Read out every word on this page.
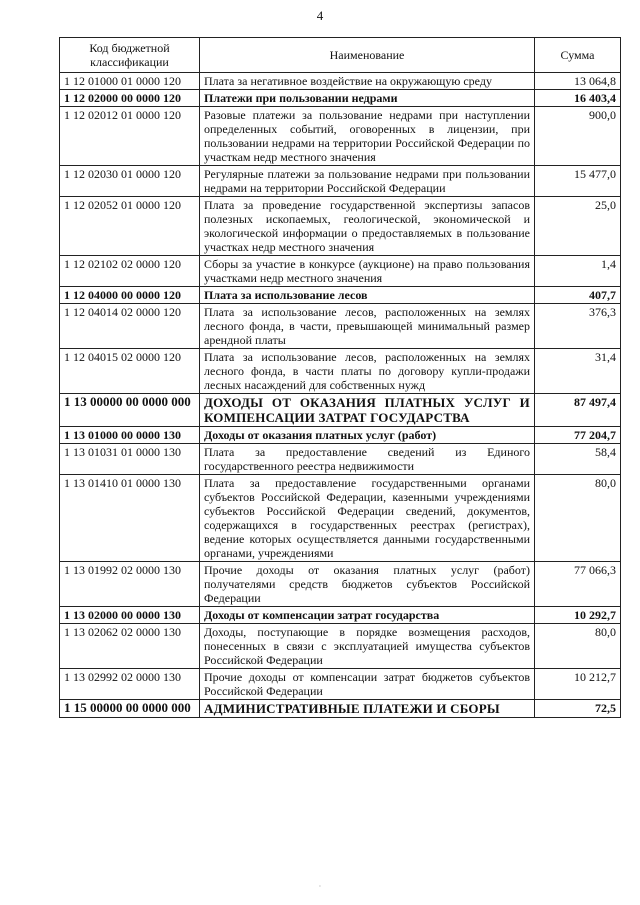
4
Код бюджетной классификации	Наименование	Сумма
1 12 01000 01 0000 120	Плата за негативное воздействие на окружающую среду	13 064,8
1 12 02000 00 0000 120	Платежи при пользовании недрами	16 403,4
1 12 02012 01 0000 120	Разовые платежи за пользование недрами при наступлении определенных событий, оговоренных в лицензии, при пользовании недрами на территории Российской Федерации по участкам недр местного значения	900,0
1 12 02030 01 0000 120	Регулярные платежи за пользование недрами при пользовании недрами на территории Российской Федерации	15 477,0
1 12 02052 01 0000 120	Плата за проведение государственной экспертизы запасов полезных ископаемых, геологической, экономической и экологической информации о предоставляемых в пользование участках недр местного значения	25,0
1 12 02102 02 0000 120	Сборы за участие в конкурсе (аукционе) на право пользования участками недр местного значения	1,4
1 12 04000 00 0000 120	Плата за использование лесов	407,7
1 12 04014 02 0000 120	Плата за использование лесов, расположенных на землях лесного фонда, в части, превышающей минимальный размер арендной платы	376,3
1 12 04015 02 0000 120	Плата за использование лесов, расположенных на землях лесного фонда, в части платы по договору купли-продажи лесных насаждений для собственных нужд	31,4
1 13 00000 00 0000 000	ДОХОДЫ ОТ ОКАЗАНИЯ ПЛАТНЫХ УСЛУГ И КОМПЕНСАЦИИ ЗАТРАТ ГОСУДАРСТВА	87 497,4
1 13 01000 00 0000 130	Доходы от оказания платных услуг (работ)	77 204,7
1 13 01031 01 0000 130	Плата за предоставление сведений из Единого государственного реестра недвижимости	58,4
1 13 01410 01 0000 130	Плата за предоставление государственными органами субъектов Российской Федерации, казенными учреждениями субъектов Российской Федерации сведений, документов, содержащихся в государственных реестрах (регистрах), ведение которых осуществляется данными государственными органами, учреждениями	80,0
1 13 01992 02 0000 130	Прочие доходы от оказания платных услуг (работ) получателями средств бюджетов субъектов Российской Федерации	77 066,3
1 13 02000 00 0000 130	Доходы от компенсации затрат государства	10 292,7
1 13 02062 02 0000 130	Доходы, поступающие в порядке возмещения расходов, понесенных в связи с эксплуатацией имущества субъектов Российской Федерации	80,0
1 13 02992 02 0000 130	Прочие доходы от компенсации затрат бюджетов субъектов Российской Федерации	10 212,7
1 15 00000 00 0000 000	АДМИНИСТРАТИВНЫЕ ПЛАТЕЖИ И СБОРЫ	72,5
·
